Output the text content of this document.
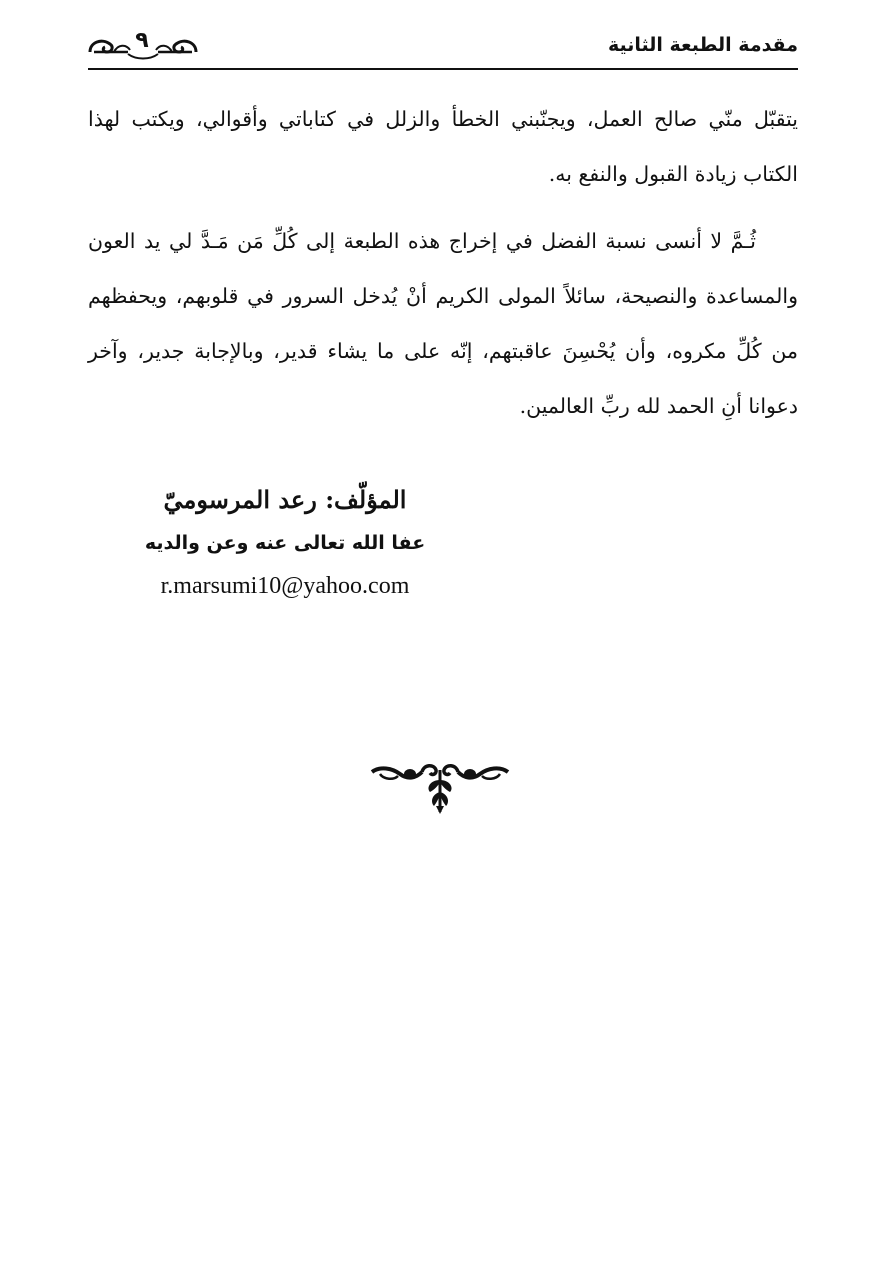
مقدمة الطبعة الثانية
٩

يتقبّل منّي صالح العمل، ويجنّبني الخطأ والزلل في كتاباتي وأقوالي، ويكتب لهذا الكتاب زيادة القبول والنفع به.

ثُـمَّ لا أنسى نسبة الفضل في إخراج هذه الطبعة إلى كُلِّ مَن مَـدَّ لي يد العون والمساعدة والنصيحة، سائلاً المولى الكريم أنْ يُدخل السرور في قلوبهم، ويحفظهم من كُلِّ مكروه، وأن يُحْسِنَ عاقبتهم، إنّه على ما يشاء قدير، وبالإجابة جدير، وآخر دعوانا أنِ الحمد لله ربِّ العالمين.

المؤلّف: رعد المرسوميّ
عفا الله تعالى عنه وعن والديه
r.marsumi10@yahoo.com
